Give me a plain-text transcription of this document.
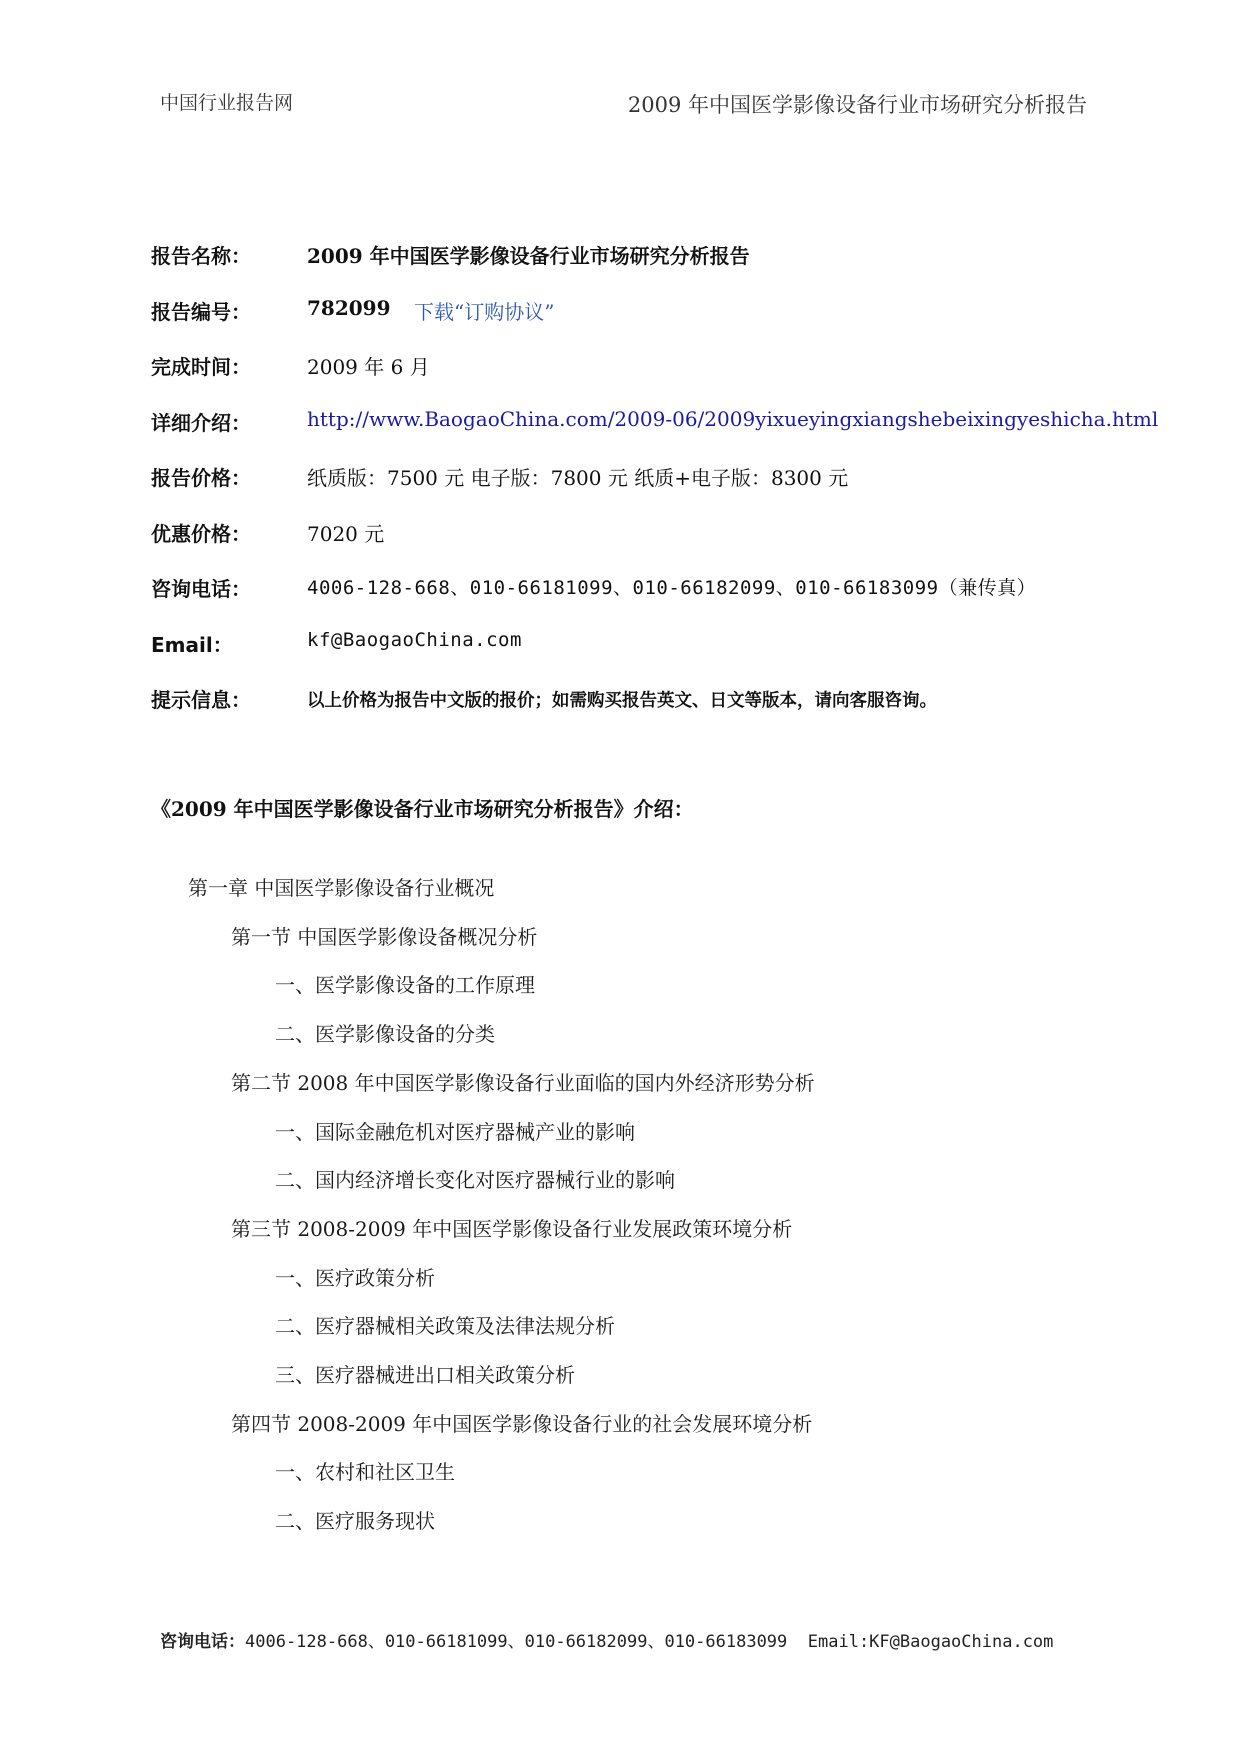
中国行业报告网	2009 年中国医学影像设备行业市场研究分析报告
报告名称：	2009 年中国医学影像设备行业市场研究分析报告
报告编号：	782099 下载“订购协议”
完成时间：	2009 年 6 月
详细介绍：	http://www.BaogaoChina.com/2009-06/2009yixueyingxiangshebeixingyeshicha.html
报告价格：	纸质版：7500 元 电子版：7800 元 纸质+电子版：8300 元
优惠价格：	7020 元
咨询电话：	4006-128-668、010-66181099、010-66182099、010-66183099（兼传真）
Email：	kf@BaogaoChina.com
提示信息：	以上价格为报告中文版的报价；如需购买报告英文、日文等版本，请向客服咨询。
《2009 年中国医学影像设备行业市场研究分析报告》介绍：
第一章 中国医学影像设备行业概况
第一节 中国医学影像设备概况分析
一、医学影像设备的工作原理
二、医学影像设备的分类
第二节 2008 年中国医学影像设备行业面临的国内外经济形势分析
一、国际金融危机对医疗器械产业的影响
二、国内经济增长变化对医疗器械行业的影响
第三节 2008-2009 年中国医学影像设备行业发展政策环境分析
一、医疗政策分析
二、医疗器械相关政策及法律法规分析
三、医疗器械进出口相关政策分析
第四节 2008-2009 年中国医学影像设备行业的社会发展环境分析
一、农村和社区卫生
二、医疗服务现状
咨询电话：4006-128-668、010-66181099、010-66182099、010-66183099 Email:KF@BaogaoChina.com
